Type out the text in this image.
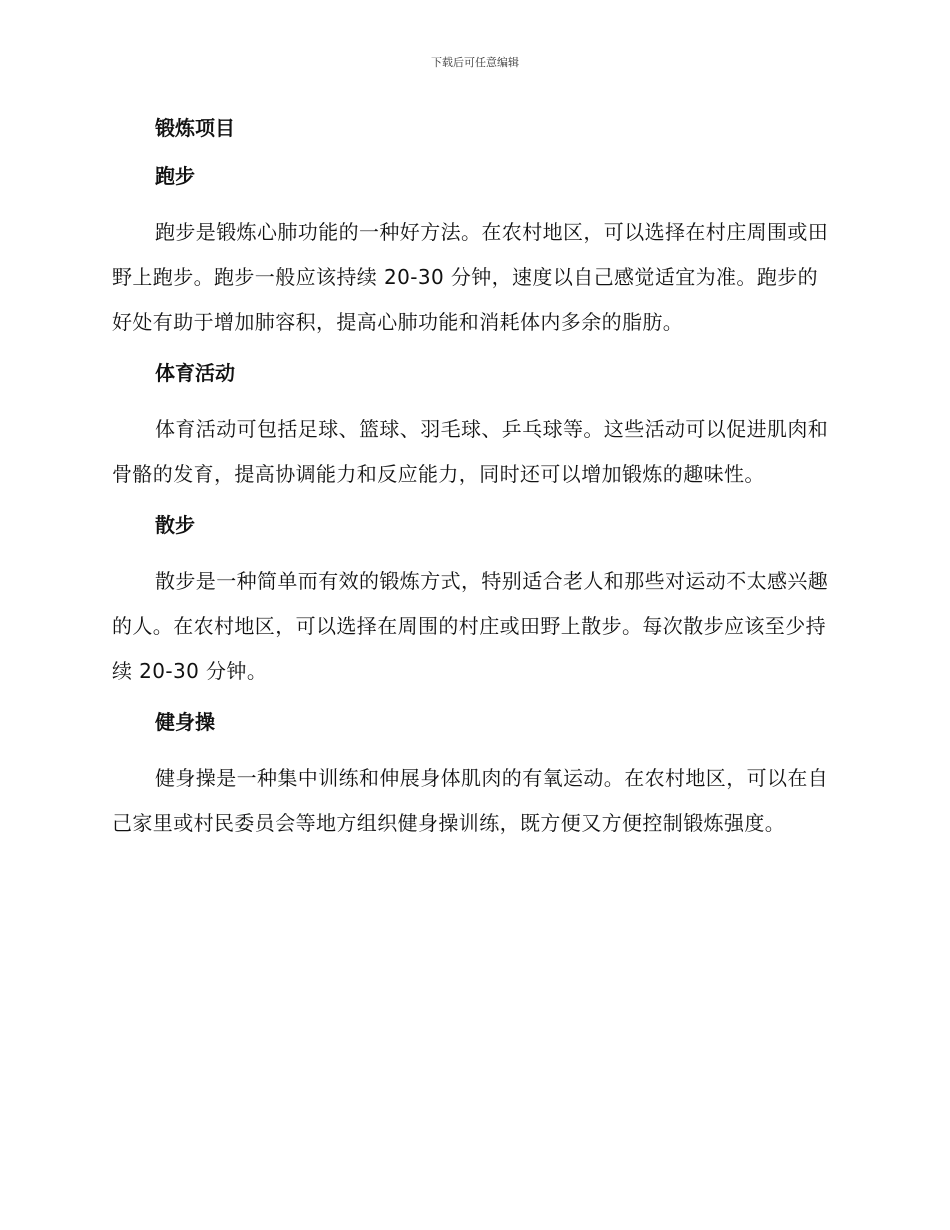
下载后可任意编辑
锻炼项目
跑步

跑步是锻炼心肺功能的一种好方法。在农村地区，可以选择在村庄周围或田野上跑步。跑步一般应该持续 20-30 分钟，速度以自己感觉适宜为准。跑步的好处有助于增加肺容积，提高心肺功能和消耗体内多余的脂肪。

体育活动

体育活动可包括足球、篮球、羽毛球、乒乓球等。这些活动可以促进肌肉和骨骼的发育，提高协调能力和反应能力，同时还可以增加锻炼的趣味性。

散步

散步是一种简单而有效的锻炼方式，特别适合老人和那些对运动不太感兴趣的人。在农村地区，可以选择在周围的村庄或田野上散步。每次散步应该至少持续 20-30 分钟。

健身操

健身操是一种集中训练和伸展身体肌肉的有氧运动。在农村地区，可以在自己家里或村民委员会等地方组织健身操训练，既方便又方便控制锻炼强度。
